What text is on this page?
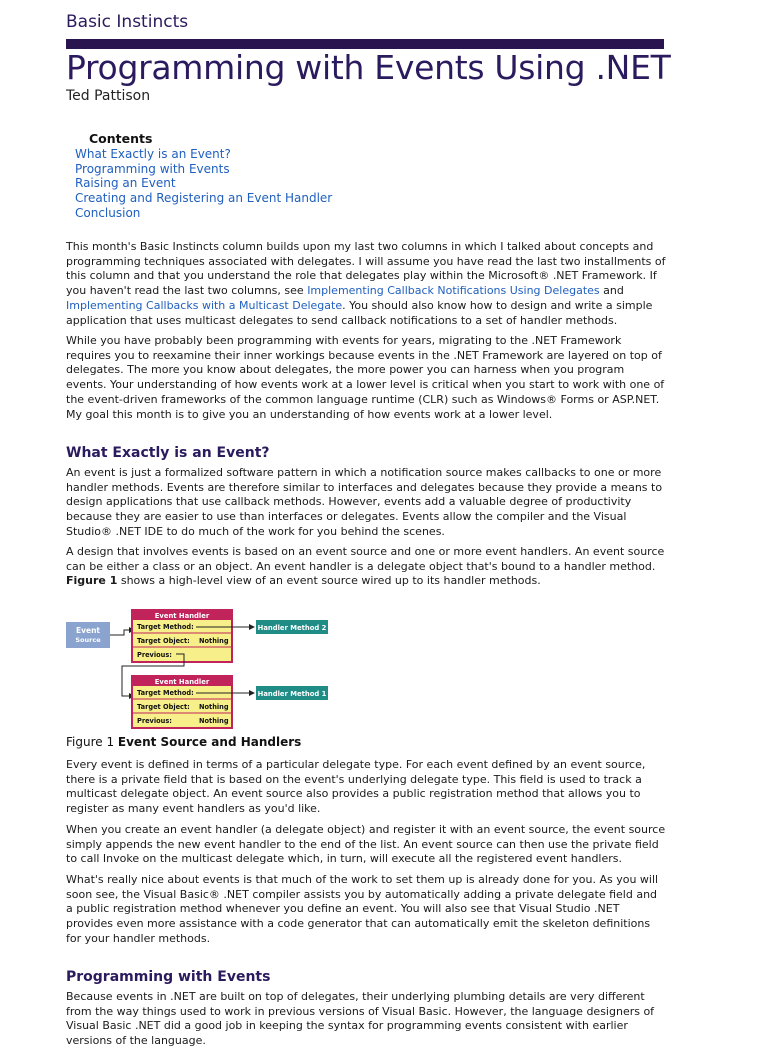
Basic Instincts
Programming with Events Using .NET
Ted Pattison
Contents
What Exactly is an Event?
Programming with Events
Raising an Event
Creating and Registering an Event Handler
Conclusion

This month's Basic Instincts column builds upon my last two columns in which I talked about concepts and programming techniques associated with delegates. I will assume you have read the last two installments of this column and that you understand the role that delegates play within the Microsoft® .NET Framework. If you haven't read the last two columns, see Implementing Callback Notifications Using Delegates and Implementing Callbacks with a Multicast Delegate. You should also know how to design and write a simple application that uses multicast delegates to send callback notifications to a set of handler methods.

While you have probably been programming with events for years, migrating to the .NET Framework requires you to reexamine their inner workings because events in the .NET Framework are layered on top of delegates. The more you know about delegates, the more power you can harness when you program events. Your understanding of how events work at a lower level is critical when you start to work with one of the event-driven frameworks of the common language runtime (CLR) such as Windows® Forms or ASP.NET. My goal this month is to give you an understanding of how events work at a lower level.

What Exactly is an Event?

An event is just a formalized software pattern in which a notification source makes callbacks to one or more handler methods. Events are therefore similar to interfaces and delegates because they provide a means to design applications that use callback methods. However, events add a valuable degree of productivity because they are easier to use than interfaces or delegates. Events allow the compiler and the Visual Studio® .NET IDE to do much of the work for you behind the scenes.

A design that involves events is based on an event source and one or more event handlers. An event source can be either a class or an object. An event handler is a delegate object that's bound to a handler method. Figure 1 shows a high-level view of an event source wired up to its handler methods.

Event
Source
Event Handler
Target Method:
Target Object: Nothing
Previous:
Handler Method 2
Event Handler
Target Method:
Target Object: Nothing
Previous:	Nothing
Handler Method 1
Figure 1 Event Source and Handlers

Every event is defined in terms of a particular delegate type. For each event defined by an event source, there is a private field that is based on the event's underlying delegate type. This field is used to track a multicast delegate object. An event source also provides a public registration method that allows you to register as many event handlers as you'd like.

When you create an event handler (a delegate object) and register it with an event source, the event source simply appends the new event handler to the end of the list. An event source can then use the private field to call Invoke on the multicast delegate which, in turn, will execute all the registered event handlers.

What's really nice about events is that much of the work to set them up is already done for you. As you will soon see, the Visual Basic® .NET compiler assists you by automatically adding a private delegate field and a public registration method whenever you define an event. You will also see that Visual Studio .NET provides even more assistance with a code generator that can automatically emit the skeleton definitions for your handler methods.

Programming with Events

Because events in .NET are built on top of delegates, their underlying plumbing details are very different from the way things used to work in previous versions of Visual Basic. However, the language designers of Visual Basic .NET did a good job in keeping the syntax for programming events consistent with earlier versions of the language.
